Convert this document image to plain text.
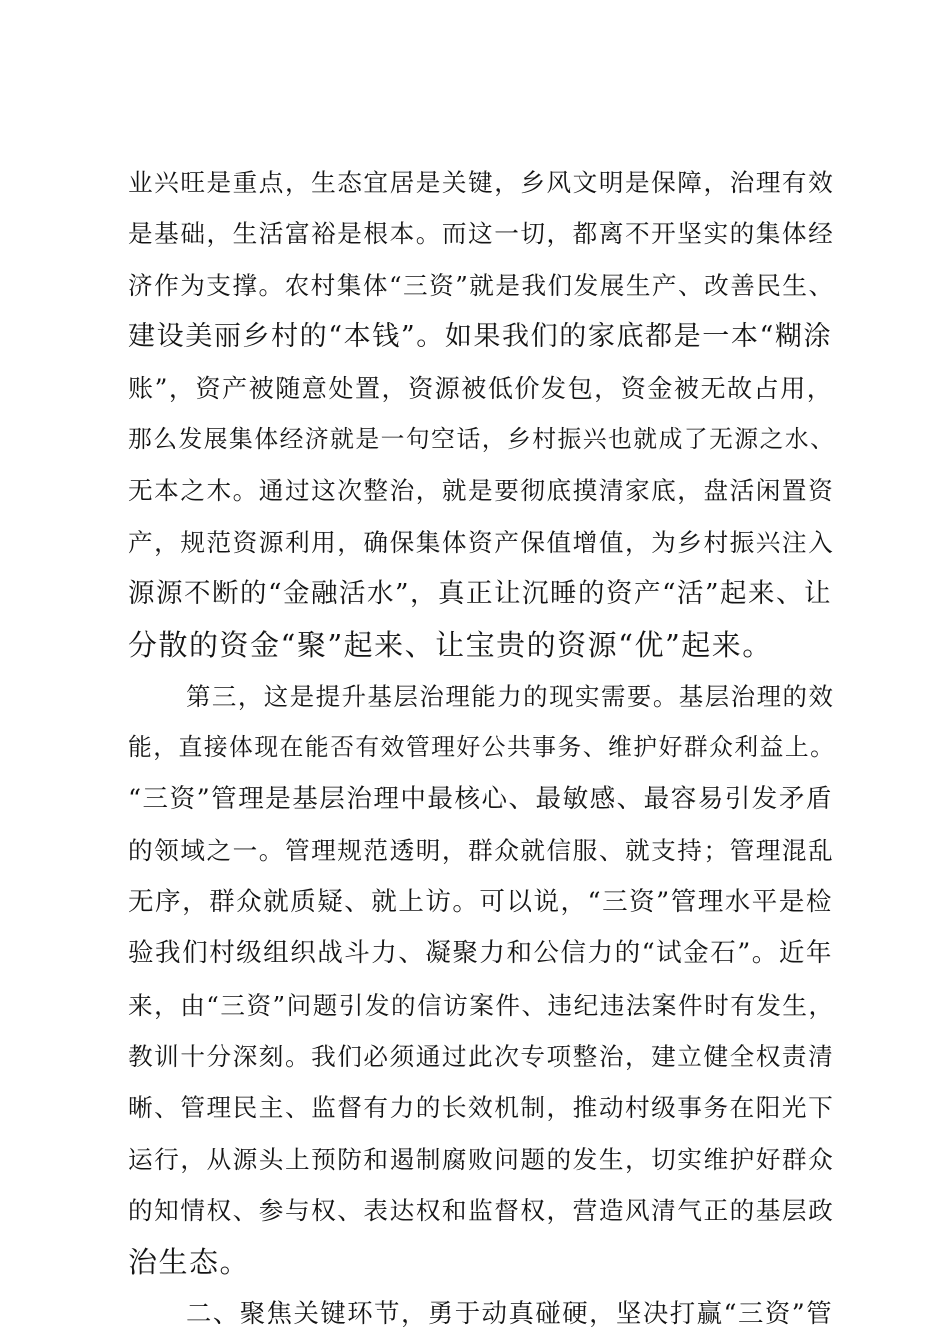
业兴旺是重点，生态宜居是关键，乡风文明是保障，治理有效
是基础，生活富裕是根本。而这一切，都离不开坚实的集体经
济作为支撑。农村集体“三资”就是我们发展生产、改善民生、
建设美丽乡村的“本钱”。如果我们的家底都是一本“糊涂
账”，资产被随意处置，资源被低价发包，资金被无故占用，
那么发展集体经济就是一句空话，乡村振兴也就成了无源之水、
无本之木。通过这次整治，就是要彻底摸清家底，盘活闲置资
产，规范资源利用，确保集体资产保值增值，为乡村振兴注入
源源不断的“金融活水”，真正让沉睡的资产“活”起来、让
分散的资金“聚”起来、让宝贵的资源“优”起来。
第三，这是提升基层治理能力的现实需要。基层治理的效
能，直接体现在能否有效管理好公共事务、维护好群众利益上。
“三资”管理是基层治理中最核心、最敏感、最容易引发矛盾
的领域之一。管理规范透明，群众就信服、就支持；管理混乱
无序，群众就质疑、就上访。可以说，“三资”管理水平是检
验我们村级组织战斗力、凝聚力和公信力的“试金石”。近年
来，由“三资”问题引发的信访案件、违纪违法案件时有发生，
教训十分深刻。我们必须通过此次专项整治，建立健全权责清
晰、管理民主、监督有力的长效机制，推动村级事务在阳光下
运行，从源头上预防和遏制腐败问题的发生，切实维护好群众
的知情权、参与权、表达权和监督权，营造风清气正的基层政
治生态。
二、聚焦关键环节，勇于动真碰硬，坚决打赢“三资”管
